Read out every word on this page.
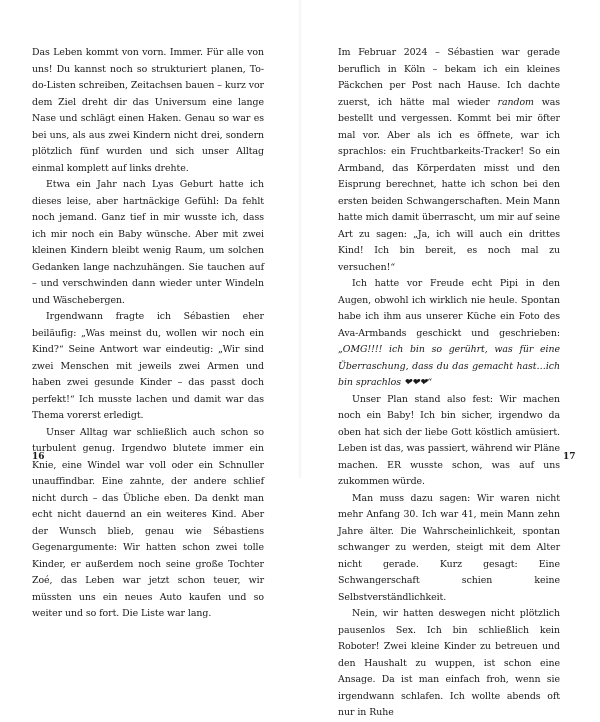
Das Leben kommt von vorn. Immer. Für alle von uns! Du kannst noch so strukturiert planen, To-do-Listen schreiben, Zeitachsen bauen – kurz vor dem Ziel dreht dir das Universum eine lange Nase und schlägt einen Haken. Genau so war es bei uns, als aus zwei Kindern nicht drei, sondern plötzlich fünf wurden und sich unser Alltag einmal komplett auf links drehte.

Etwa ein Jahr nach Lyas Geburt hatte ich dieses leise, aber hartnäckige Gefühl: Da fehlt noch jemand. Ganz tief in mir wusste ich, dass ich mir noch ein Baby wünsche. Aber mit zwei kleinen Kindern bleibt wenig Raum, um solchen Gedanken lange nachzuhängen. Sie tauchen auf – und verschwinden dann wieder unter Windeln und Wäschebergen.

Irgendwann fragte ich Sébastien eher beiläufig: „Was meinst du, wollen wir noch ein Kind?“ Seine Antwort war eindeutig: „Wir sind zwei Menschen mit jeweils zwei Armen und haben zwei gesunde Kinder – das passt doch perfekt!“ Ich musste lachen und damit war das Thema vorerst erledigt.

Unser Alltag war schließlich auch schon so turbulent genug. Irgendwo blutete immer ein Knie, eine Windel war voll oder ein Schnuller unauffindbar. Eine zahnte, der andere schlief nicht durch – das Übliche eben. Da denkt man echt nicht dauernd an ein weiteres Kind. Aber der Wunsch blieb, genau wie Sébastiens Gegenargumente: Wir hatten schon zwei tolle Kinder, er außerdem noch seine große Tochter Zoé, das Leben war jetzt schon teuer, wir müssten uns ein neues Auto kaufen und so weiter und so fort. Die Liste war lang.

Im Februar 2024 – Sébastien war gerade beruflich in Köln – bekam ich ein kleines Päckchen per Post nach Hause. Ich dachte zuerst, ich hätte mal wieder random was bestellt und vergessen. Kommt bei mir öfter mal vor. Aber als ich es öffnete, war ich sprachlos: ein Fruchtbarkeits-Tracker! So ein Armband, das Körperdaten misst und den Eisprung berechnet, hatte ich schon bei den ersten beiden Schwangerschaften. Mein Mann hatte mich damit überrascht, um mir auf seine Art zu sagen: „Ja, ich will auch ein drittes Kind! Ich bin bereit, es noch mal zu versuchen!“

Ich hatte vor Freude echt Pipi in den Augen, obwohl ich wirklich nie heule. Spontan habe ich ihm aus unserer Küche ein Foto des Ava-Armbands geschickt und geschrieben: „OMG!!!! ich bin so gerührt, was für eine Überraschung, dass du das gemacht hast…ich bin sprachlos ❤❤❤“

Unser Plan stand also fest: Wir machen noch ein Baby! Ich bin sicher, irgendwo da oben hat sich der liebe Gott köstlich amüsiert. Leben ist das, was passiert, während wir Pläne machen. ER wusste schon, was auf uns zukommen würde.

Man muss dazu sagen: Wir waren nicht mehr Anfang 30. Ich war 41, mein Mann zehn Jahre älter. Die Wahrscheinlichkeit, spontan schwanger zu werden, steigt mit dem Alter nicht gerade. Kurz gesagt: Eine Schwangerschaft schien keine Selbstverständlichkeit.

Nein, wir hatten deswegen nicht plötzlich pausenlos Sex. Ich bin schließlich kein Roboter! Zwei kleine Kinder zu betreuen und den Haushalt zu wuppen, ist schon eine Ansage. Da ist man einfach froh, wenn sie irgendwann schlafen. Ich wollte abends oft nur in Ruhe

16	17
